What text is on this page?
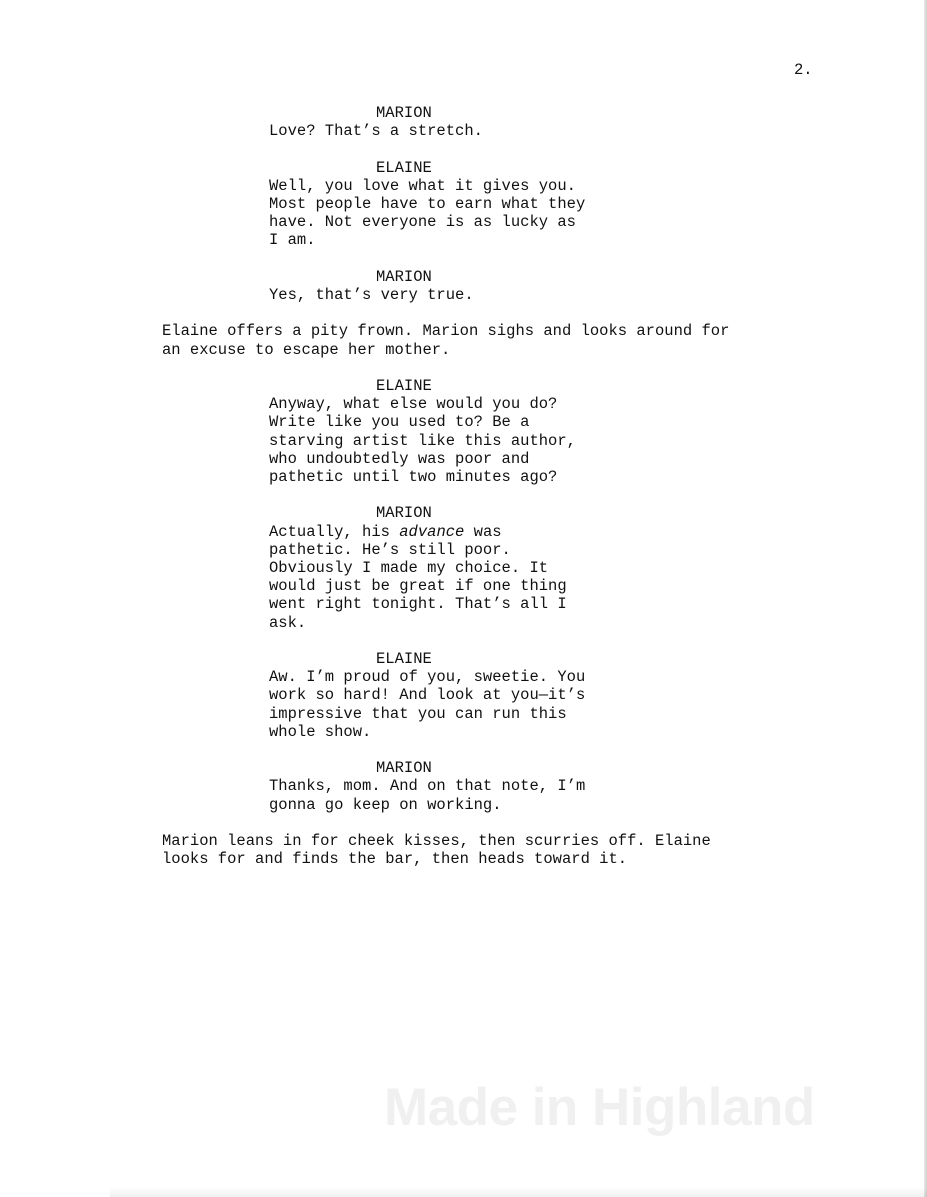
2.
MARION
Love? That’s a stretch.
ELAINE
Well, you love what it gives you.
Most people have to earn what they
have. Not everyone is as lucky as
I am.
MARION
Yes, that’s very true.
Elaine offers a pity frown. Marion sighs and looks around for
an excuse to escape her mother.
ELAINE
Anyway, what else would you do?
Write like you used to? Be a
starving artist like this author,
who undoubtedly was poor and
pathetic until two minutes ago?
MARION
Actually, his advance was
pathetic. He’s still poor.
Obviously I made my choice. It
would just be great if one thing
went right tonight. That’s all I
ask.
ELAINE
Aw. I’m proud of you, sweetie. You
work so hard! And look at you—it’s
impressive that you can run this
whole show.
MARION
Thanks, mom. And on that note, I’m
gonna go keep on working.
Marion leans in for cheek kisses, then scurries off. Elaine
looks for and finds the bar, then heads toward it.
Made in Highland
